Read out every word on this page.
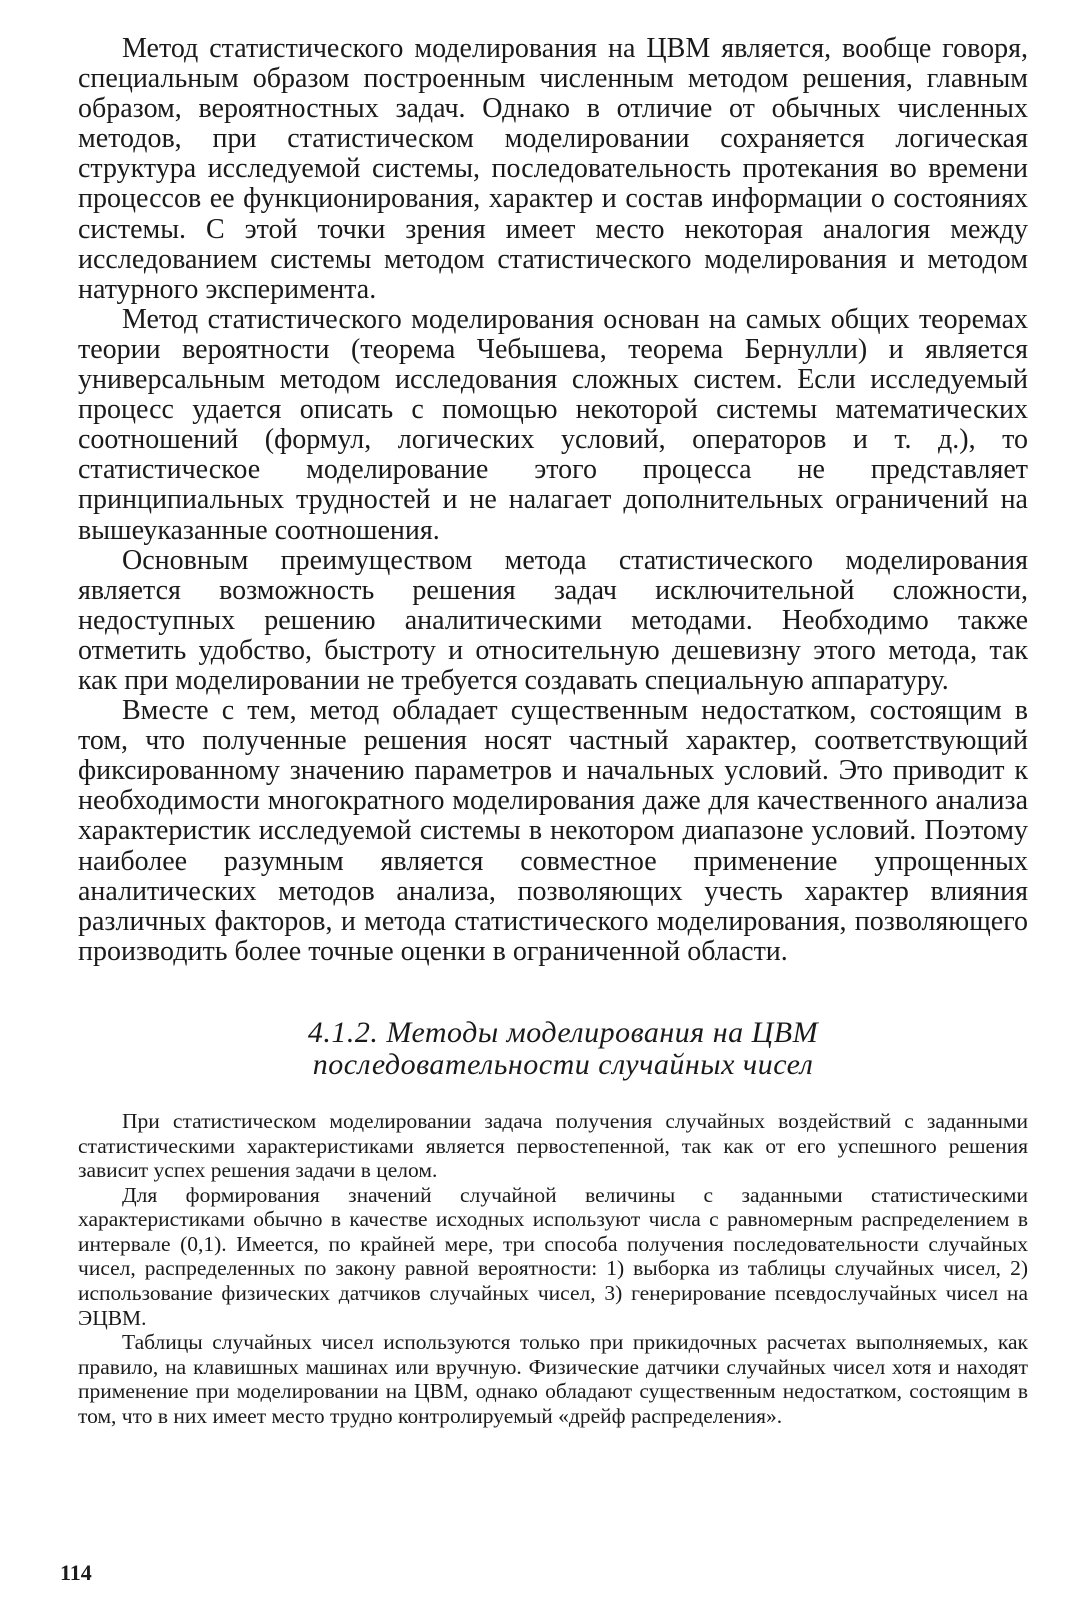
Метод статистического моделирования на ЦВМ является, вообще говоря, специальным образом построенным численным методом решения, главным образом, вероятностных задач. Однако в отличие от обычных численных методов, при статистическом моделировании сохраняется логическая структура исследуемой системы, последовательность протекания во времени процессов ее функционирования, характер и состав информации о состояниях системы. С этой точки зрения имеет место некоторая аналогия между исследованием системы методом статистического моделирования и методом натурного эксперимента.

Метод статистического моделирования основан на самых общих теоремах теории вероятности (теорема Чебышева, теорема Бернулли) и является универсальным методом исследования сложных систем. Если исследуемый процесс удается описать с помощью некоторой системы математических соотношений (формул, логических условий, операторов и т. д.), то статистическое моделирование этого процесса не представляет принципиальных трудностей и не налагает дополнительных ограничений на вышеуказанные соотношения.

Основным преимуществом метода статистического моделирования является возможность решения задач исключительной сложности, недоступных решению аналитическими методами. Необходимо также отметить удобство, быстроту и относительную дешевизну этого метода, так как при моделировании не требуется создавать специальную аппаратуру.

Вместе с тем, метод обладает существенным недостатком, состоящим в том, что полученные решения носят частный характер, соответствующий фиксированному значению параметров и начальных условий. Это приводит к необходимости многократного моделирования даже для качественного анализа характеристик исследуемой системы в некотором диапазоне условий. Поэтому наиболее разумным является совместное применение упрощенных аналитических методов анализа, позволяющих учесть характер влияния различных факторов, и метода статистического моделирования, позволяющего производить более точные оценки в ограниченной области.

4.1.2. Методы моделирования на ЦВМ
последовательности случайных чисел

При статистическом моделировании задача получения случайных воздействий с заданными статистическими характеристиками является первостепенной, так как от его успешного решения зависит успех решения задачи в целом.

Для формирования значений случайной величины с заданными статистическими характеристиками обычно в качестве исходных используют числа с равномерным распределением в интервале (0,1). Имеется, по крайней мере, три способа получения последовательности случайных чисел, распределенных по закону равной вероятности: 1) выборка из таблицы случайных чисел, 2) использование физических датчиков случайных чисел, 3) генерирование псевдослучайных чисел на ЭЦВМ.

Таблицы случайных чисел используются только при прикидочных расчетах выполняемых, как правило, на клавишных машинах или вручную. Физические датчики случайных чисел хотя и находят применение при моделировании на ЦВМ, однако обладают существенным недостатком, состоящим в том, что в них имеет место трудно контролируемый «дрейф распределения».

114
